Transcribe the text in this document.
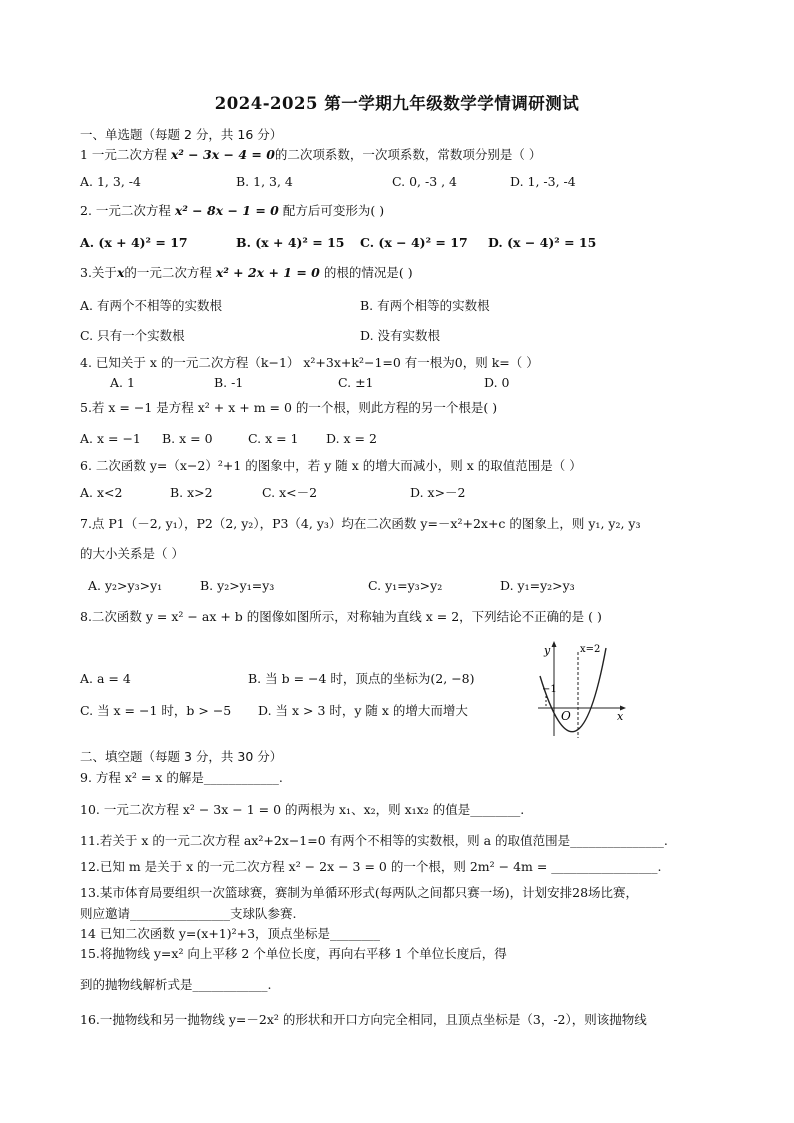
2024-2025 第一学期九年级数学学情调研测试
一、单选题（每题 2 分，共 16 分）
1 一元二次方程 x² − 3x − 4 = 0的二次项系数，一次项系数，常数项分别是（ ）
A. 1, 3, -4	B. 1, 3, 4	C. 0, -3 , 4	D. 1, -3, -4
2. 一元二次方程 x² − 8x − 1 = 0 配方后可变形为( )
A. (x + 4)² = 17	B. (x + 4)² = 15 C. (x − 4)² = 17 D. (x − 4)² = 15
3.关于x的一元二次方程 x² + 2x + 1 = 0 的根的情况是( )
A. 有两个不相等的实数根	B. 有两个相等的实数根
C. 只有一个实数根	D. 没有实数根
4. 已知关于 x 的一元二次方程（k−1） x²+3x+k²−1=0 有一根为0，则 k=（ ）
A. 1	B. -1	C. ±1	D. 0
5.若 x = −1 是方程 x² + x + m = 0 的一个根，则此方程的另一个根是( )
A. x = −1 B. x = 0	C. x = 1 D. x = 2
6. 二次函数 y=（x−2）²+1 的图象中，若 y 随 x 的增大而减小，则 x 的取值范围是（ ）
A. x<2	B. x>2	C. x<－2	D. x>－2
7.点 P1（－2, y₁），P2（2, y₂），P3（4, y₃）均在二次函数 y=－x²+2x+c 的图象上，则 y₁, y₂, y₃
的大小关系是（ ）
A. y₂>y₃>y₁	B. y₂>y₁=y₃	C. y₁=y₃>y₂	D. y₁=y₂>y₃
8.二次函数 y = x² − ax + b 的图像如图所示，对称轴为直线 x = 2，下列结论不正确的是 ( )
A. a = 4	B. 当 b = −4 时，顶点的坐标为(2, −8)
C. 当 x = −1 时，b > −5 D. 当 x > 3 时，y 随 x 的增大而增大
y	x=2
−1
O	x
二、填空题（每题 3 分，共 30 分）
9. 方程 x² = x 的解是____________.
10. 一元二次方程 x² − 3x − 1 = 0 的两根为 x₁、x₂，则 x₁x₂ 的值是________.
11.若关于 x 的一元二次方程 ax²+2x−1=0 有两个不相等的实数根，则 a 的取值范围是_______________.
12.已知 m 是关于 x 的一元二次方程 x² − 2x − 3 = 0 的一个根，则 2m² − 4m = _________________.
13.某市体育局要组织一次篮球赛，赛制为单循环形式(每两队之间都只赛一场)，计划安排28场比赛，
则应邀请________________支球队参赛.
14 已知二次函数 y=(x+1)²+3，顶点坐标是________
15.将抛物线 y=x² 向上平移 2 个单位长度，再向右平移 1 个单位长度后，得
到的抛物线解析式是____________.
16.一抛物线和另一抛物线 y=－2x² 的形状和开口方向完全相同，且顶点坐标是（3，-2），则该抛物线
